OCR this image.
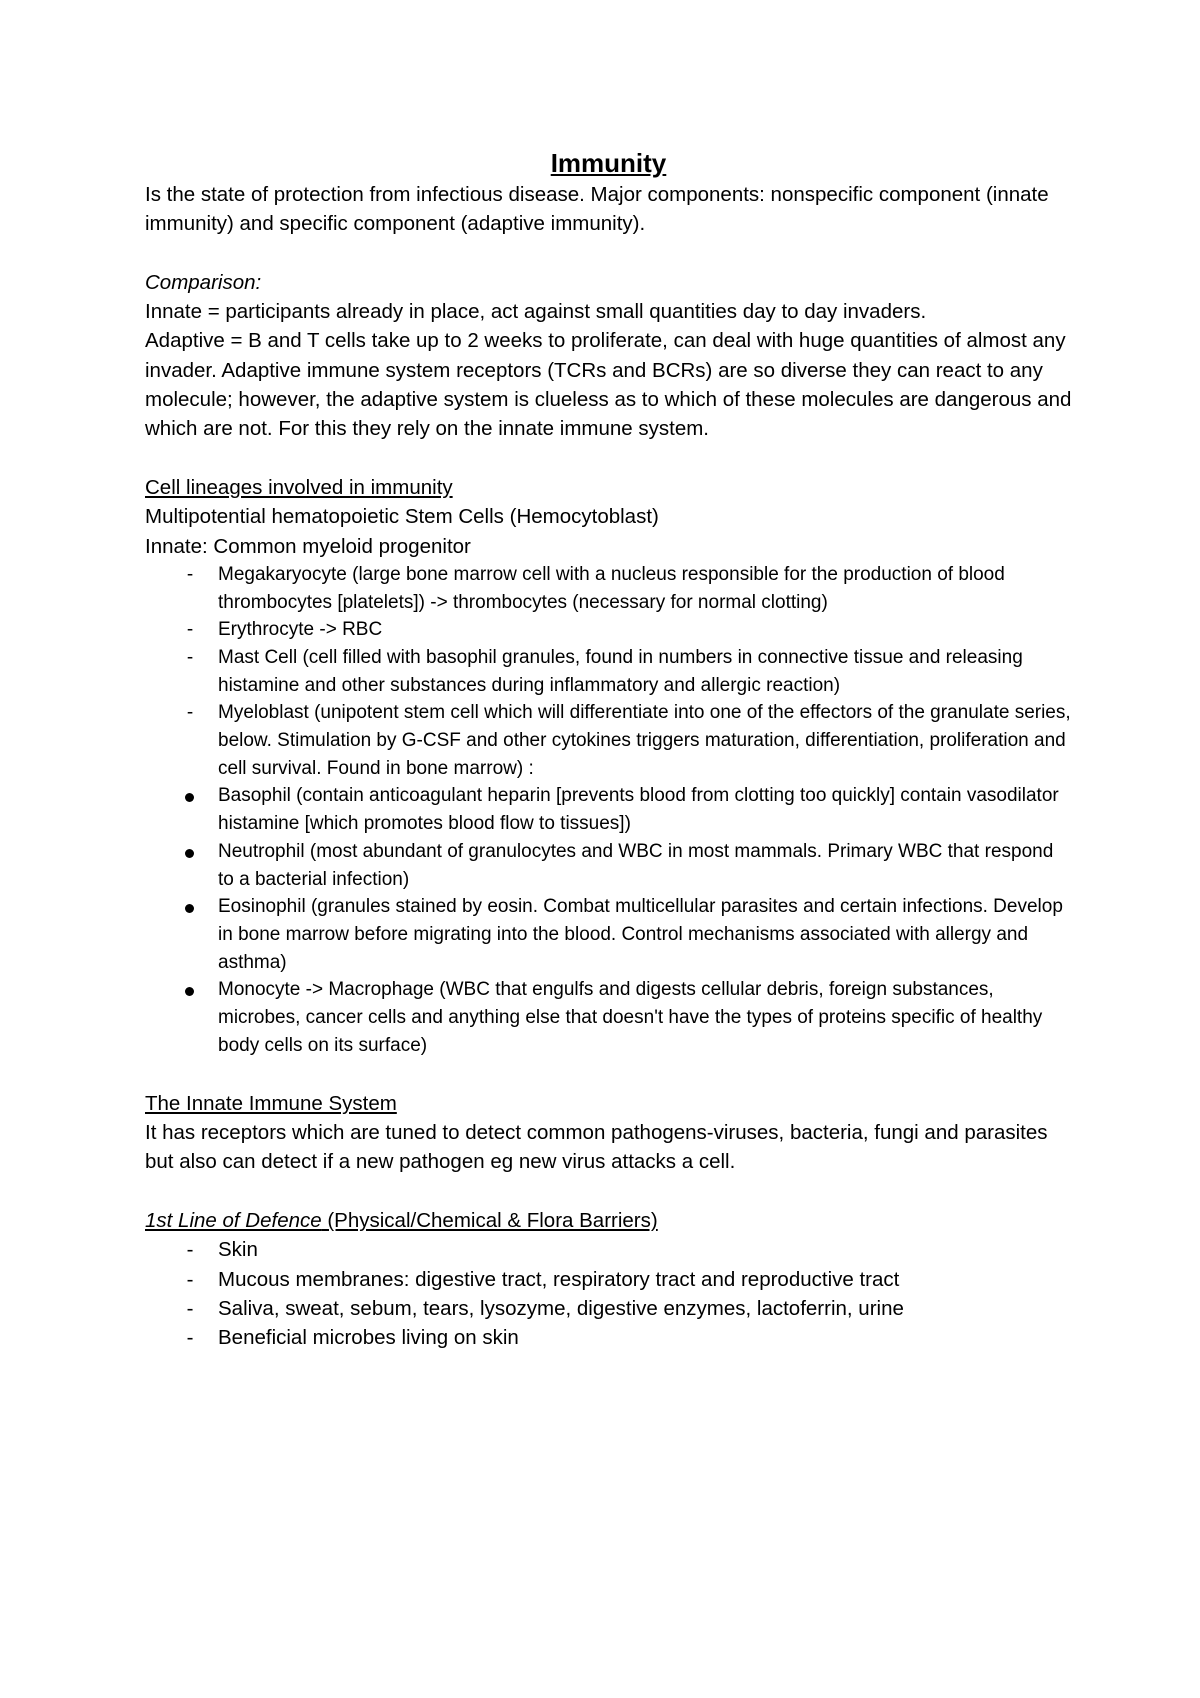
Immunity

Is the state of protection from infectious disease. Major components: nonspecific component (innate immunity) and specific component (adaptive immunity).

Comparison:

Innate = participants already in place, act against small quantities day to day invaders.

Adaptive = B and T cells take up to 2 weeks to proliferate, can deal with huge quantities of almost any invader. Adaptive immune system receptors (TCRs and BCRs) are so diverse they can react to any molecule; however, the adaptive system is clueless as to which of these molecules are dangerous and which are not. For this they rely on the innate immune system.

Cell lineages involved in immunity

Multipotential hematopoietic Stem Cells (Hemocytoblast)

Innate: Common myeloid progenitor

-	Megakaryocyte (large bone marrow cell with a nucleus responsible for the production of blood thrombocytes [platelets]) -> thrombocytes (necessary for normal clotting)
-	Erythrocyte -> RBC
-	Mast Cell (cell filled with basophil granules, found in numbers in connective tissue and releasing histamine and other substances during inflammatory and allergic reaction)
-	Myeloblast (unipotent stem cell which will differentiate into one of the effectors of the granulate series, below. Stimulation by G-CSF and other cytokines triggers maturation, differentiation, proliferation and cell survival. Found in bone marrow) :
Basophil (contain anticoagulant heparin [prevents blood from clotting too quickly] contain vasodilator histamine [which promotes blood flow to tissues])
Neutrophil (most abundant of granulocytes and WBC in most mammals. Primary WBC that respond to a bacterial infection)
Eosinophil (granules stained by eosin. Combat multicellular parasites and certain infections. Develop in bone marrow before migrating into the blood. Control mechanisms associated with allergy and asthma)
Monocyte -> Macrophage (WBC that engulfs and digests cellular debris, foreign substances, microbes, cancer cells and anything else that doesn't have the types of proteins specific of healthy body cells on its surface)

The Innate Immune System

It has receptors which are tuned to detect common pathogens-viruses, bacteria, fungi and parasites but also can detect if a new pathogen eg new virus attacks a cell.

1st Line of Defence (Physical/Chemical & Flora Barriers)

-	Skin
-	Mucous membranes: digestive tract, respiratory tract and reproductive tract
-	Saliva, sweat, sebum, tears, lysozyme, digestive enzymes, lactoferrin, urine
-	Beneficial microbes living on skin
